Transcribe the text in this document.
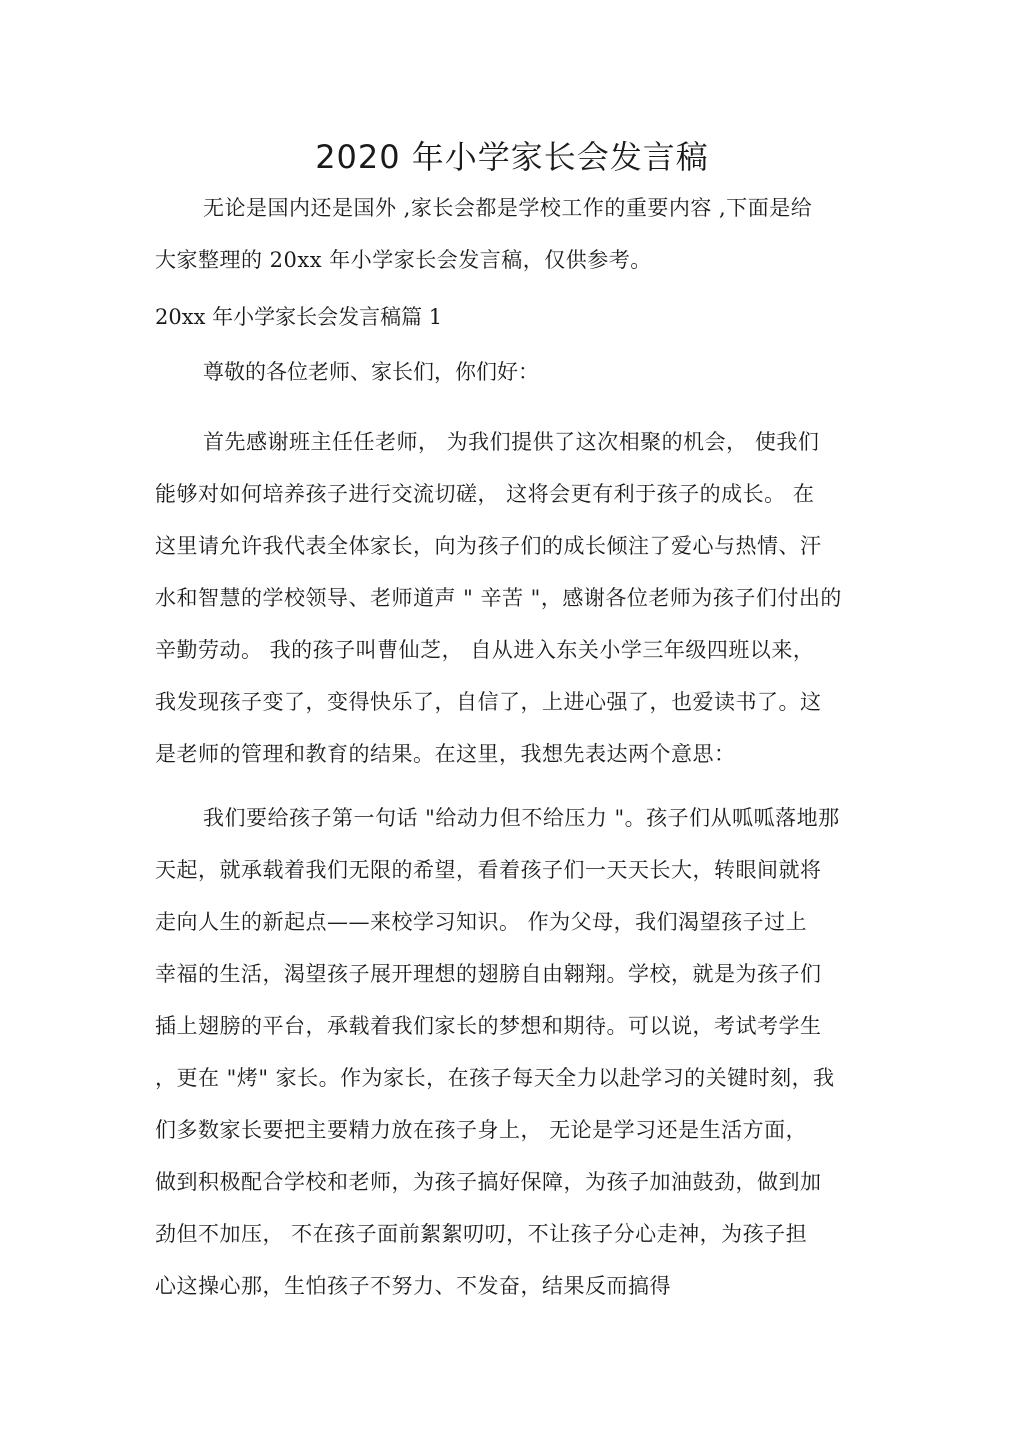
2020 年小学家长会发言稿

无论是国内还是国外 ,家长会都是学校工作的重要内容 ,下面是给
大家整理的 20xx 年小学家长会发言稿，仅供参考。

20xx 年小学家长会发言稿篇 1

尊敬的各位老师、家长们，你们好：

首先感谢班主任任老师， 为我们提供了这次相聚的机会， 使我们
能够对如何培养孩子进行交流切磋， 这将会更有利于孩子的成长。 在
这里请允许我代表全体家长，向为孩子们的成长倾注了爱心与热情、汗
水和智慧的学校领导、老师道声 " 辛苦 "，感谢各位老师为孩子们付出的
辛勤劳动。 我的孩子叫曹仙芝， 自从进入东关小学三年级四班以来，
我发现孩子变了，变得快乐了，自信了，上进心强了，也爱读书了。这
是老师的管理和教育的结果。在这里，我想先表达两个意思：

我们要给孩子第一句话 "给动力但不给压力 "。孩子们从呱呱落地那
天起，就承载着我们无限的希望，看着孩子们一天天长大，转眼间就将
走向人生的新起点——来校学习知识。 作为父母，我们渴望孩子过上
幸福的生活，渴望孩子展开理想的翅膀自由翱翔。学校，就是为孩子们
插上翅膀的平台，承载着我们家长的梦想和期待。可以说，考试考学生
，更在 "烤" 家长。作为家长，在孩子每天全力以赴学习的关键时刻，我
们多数家长要把主要精力放在孩子身上， 无论是学习还是生活方面，
做到积极配合学校和老师，为孩子搞好保障，为孩子加油鼓劲，做到加
劲但不加压， 不在孩子面前絮絮叨叨，不让孩子分心走神，为孩子担
心这操心那，生怕孩子不努力、不发奋，结果反而搞得
